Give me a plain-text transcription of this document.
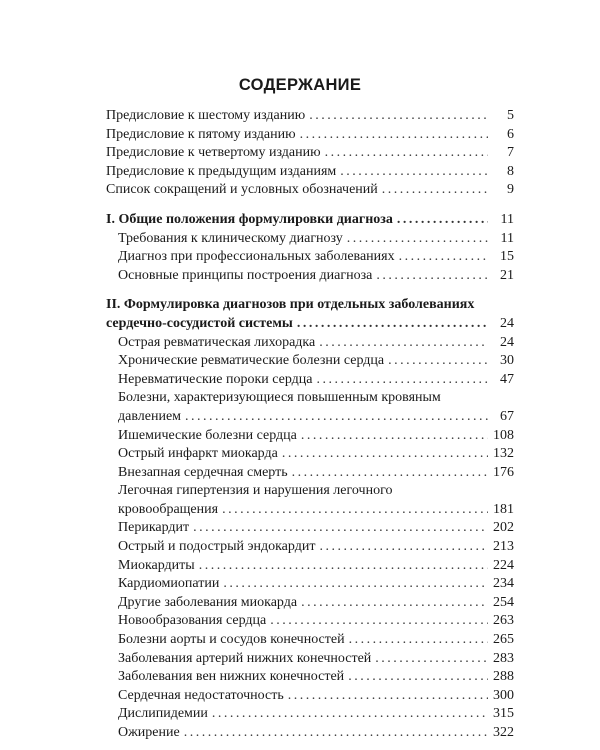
СОДЕРЖАНИЕ
Предисловие к шестому изданию . . .	5
Предисловие к пятому изданию . . .	6
Предисловие к четвертому изданию . . .	7
Предисловие к предыдущим изданиям . . .	8
Список сокращений и условных обозначений . . .	9
I. Общие положения формулировки диагноза . . .	11
Требования к клиническому диагнозу . . .	11
Диагноз при профессиональных заболеваниях . . .	15
Основные принципы построения диагноза . . .	21
II. Формулировка диагнозов при отдельных заболеваниях
сердечно-сосудистой системы . . .	24
Острая ревматическая лихорадка . . .	24
Хронические ревматические болезни сердца . . .	30
Неревматические пороки сердца . . .	47
Болезни, характеризующиеся повышенным кровяным
давлением . . .	67
Ишемические болезни сердца . . .	108
Острый инфаркт миокарда . . .	132
Внезапная сердечная смерть . . .	176
Легочная гипертензия и нарушения легочного
кровообращения . . .	181
Перикардит . . .	202
Острый и подострый эндокардит . . .	213
Миокардиты . . .	224
Кардиомиопатии . . .	234
Другие заболевания миокарда . . .	254
Новообразования сердца . . .	263
Болезни аорты и сосудов конечностей . . .	265
Заболевания артерий нижних конечностей . . .	283
Заболевания вен нижних конечностей . . .	288
Сердечная недостаточность . . .	300
Дислипидемии . . .	315
Ожирение . . .	322
